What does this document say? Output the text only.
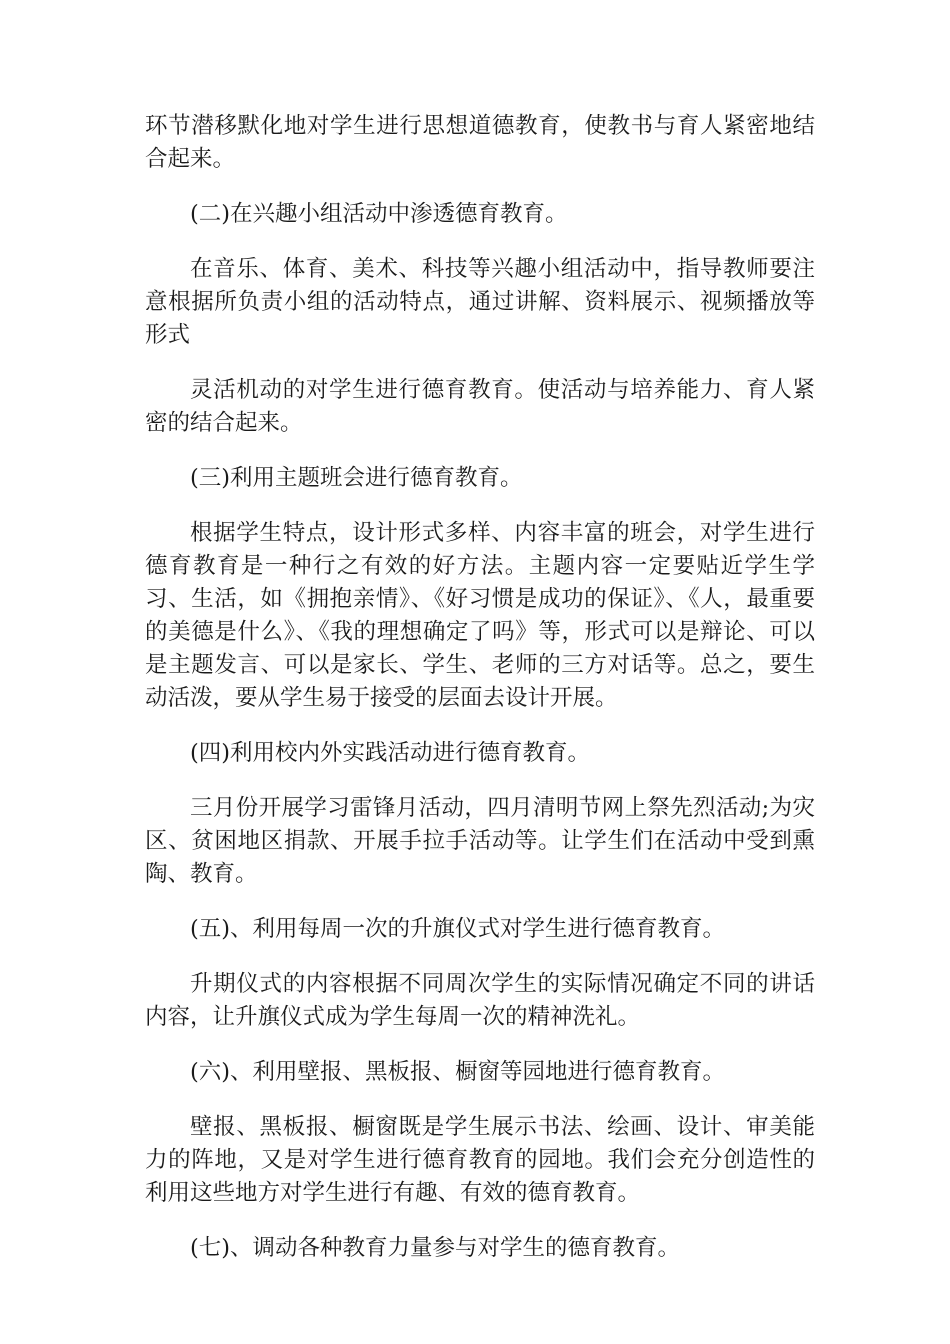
环节潜移默化地对学生进行思想道德教育，使教书与育人紧密地结合起来。

(二)在兴趣小组活动中渗透德育教育。

在音乐、体育、美术、科技等兴趣小组活动中，指导教师要注意根据所负责小组的活动特点，通过讲解、资料展示、视频播放等形式

灵活机动的对学生进行德育教育。使活动与培养能力、育人紧密的结合起来。

(三)利用主题班会进行德育教育。

根据学生特点，设计形式多样、内容丰富的班会，对学生进行德育教育是一种行之有效的好方法。主题内容一定要贴近学生学习、生活，如《拥抱亲情》、《好习惯是成功的保证》、《人，最重要的美德是什么》、《我的理想确定了吗》等，形式可以是辩论、可以是主题发言、可以是家长、学生、老师的三方对话等。总之，要生动活泼，要从学生易于接受的层面去设计开展。

(四)利用校内外实践活动进行德育教育。

三月份开展学习雷锋月活动，四月清明节网上祭先烈活动;为灾区、贫困地区捐款、开展手拉手活动等。让学生们在活动中受到熏陶、教育。

(五)、利用每周一次的升旗仪式对学生进行德育教育。

升期仪式的内容根据不同周次学生的实际情况确定不同的讲话内容，让升旗仪式成为学生每周一次的精神洗礼。

(六)、利用壁报、黑板报、橱窗等园地进行德育教育。

壁报、黑板报、橱窗既是学生展示书法、绘画、设计、审美能力的阵地，又是对学生进行德育教育的园地。我们会充分创造性的利用这些地方对学生进行有趣、有效的德育教育。

(七)、调动各种教育力量参与对学生的德育教育。
